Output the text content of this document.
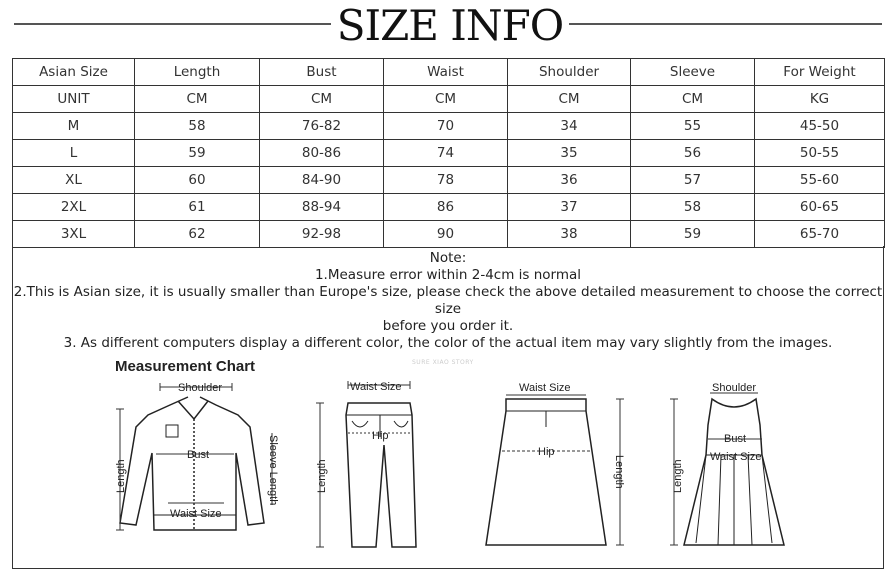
SIZE INFO
Asian Size	Length	Bust	Waist	Shoulder	Sleeve	For Weight
UNIT	CM	CM	CM	CM	CM	KG
M	58	76-82	70	34	55	45-50
L	59	80-86	74	35	56	50-55
XL	60	84-90	78	36	57	55-60
2XL	61	88-94	86	37	58	60-65
3XL	62	92-98	90	38	59	65-70
Note:
1.Measure error within 2-4cm is normal
2.This is Asian size, it is usually smaller than Europe's size, please check the above detailed measurement to choose the correct size
before you order it.
3. As different computers display a different color, the color of the actual item may vary slightly from the images.
Measurement Chart	SURE XIAO STORY
Shoulder
Bust
Length	Sleeve Length
Waist Size
Waist Size
Hip
Length
Waist Size
Hip
Length
Shoulder
Bust
Waist Size
Length
